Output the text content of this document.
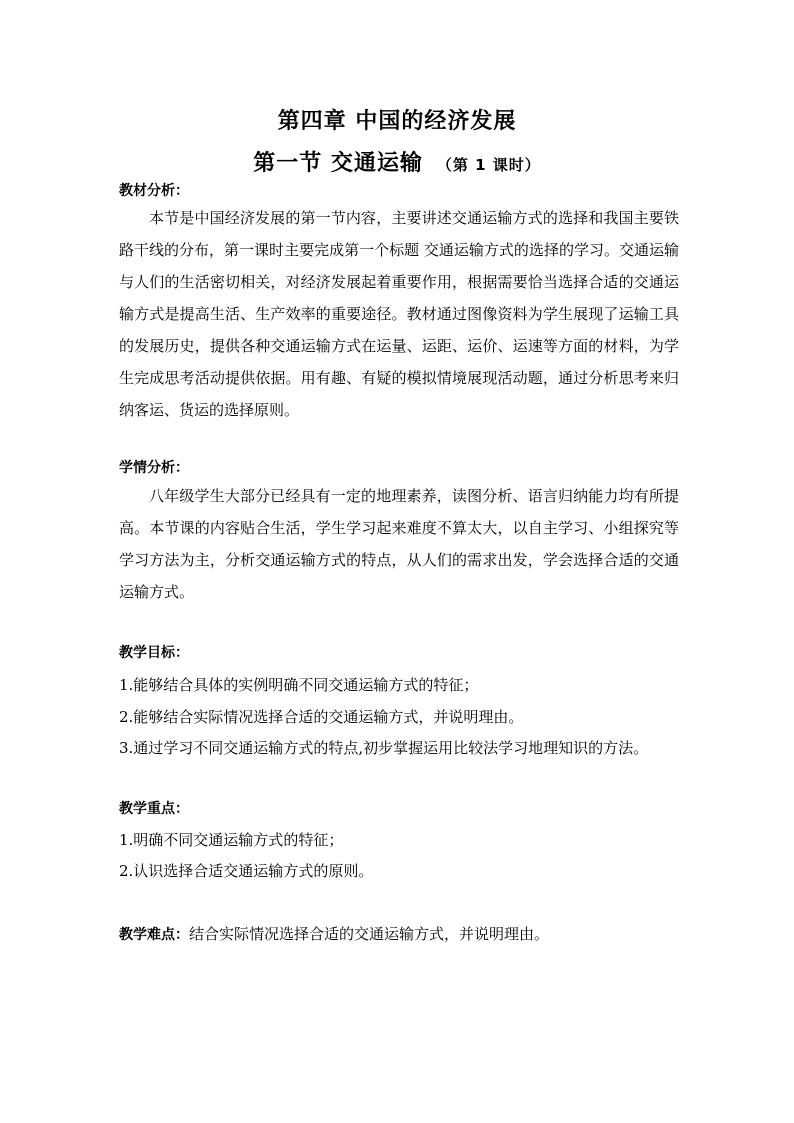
第四章 中国的经济发展
第一节 交通运输 （第 1 课时）
教材分析：

本节是中国经济发展的第一节内容，主要讲述交通运输方式的选择和我国主要铁路干线的分布，第一课时主要完成第一个标题 交通运输方式的选择的学习。交通运输与人们的生活密切相关，对经济发展起着重要作用，根据需要恰当选择合适的交通运输方式是提高生活、生产效率的重要途径。教材通过图像资料为学生展现了运输工具的发展历史，提供各种交通运输方式在运量、运距、运价、运速等方面的材料，为学生完成思考活动提供依据。用有趣、有疑的模拟情境展现活动题，通过分析思考来归纳客运、货运的选择原则。

学情分析：

八年级学生大部分已经具有一定的地理素养，读图分析、语言归纳能力均有所提高。本节课的内容贴合生活，学生学习起来难度不算太大，以自主学习、小组探究等学习方法为主，分析交通运输方式的特点，从人们的需求出发，学会选择合适的交通运输方式。

教学目标：
1.能够结合具体的实例明确不同交通运输方式的特征；
2.能够结合实际情况选择合适的交通运输方式，并说明理由。
3.通过学习不同交通运输方式的特点,初步掌握运用比较法学习地理知识的方法。
教学重点：
1.明确不同交通运输方式的特征；
2.认识选择合适交通运输方式的原则。
教学难点：结合实际情况选择合适的交通运输方式，并说明理由。
